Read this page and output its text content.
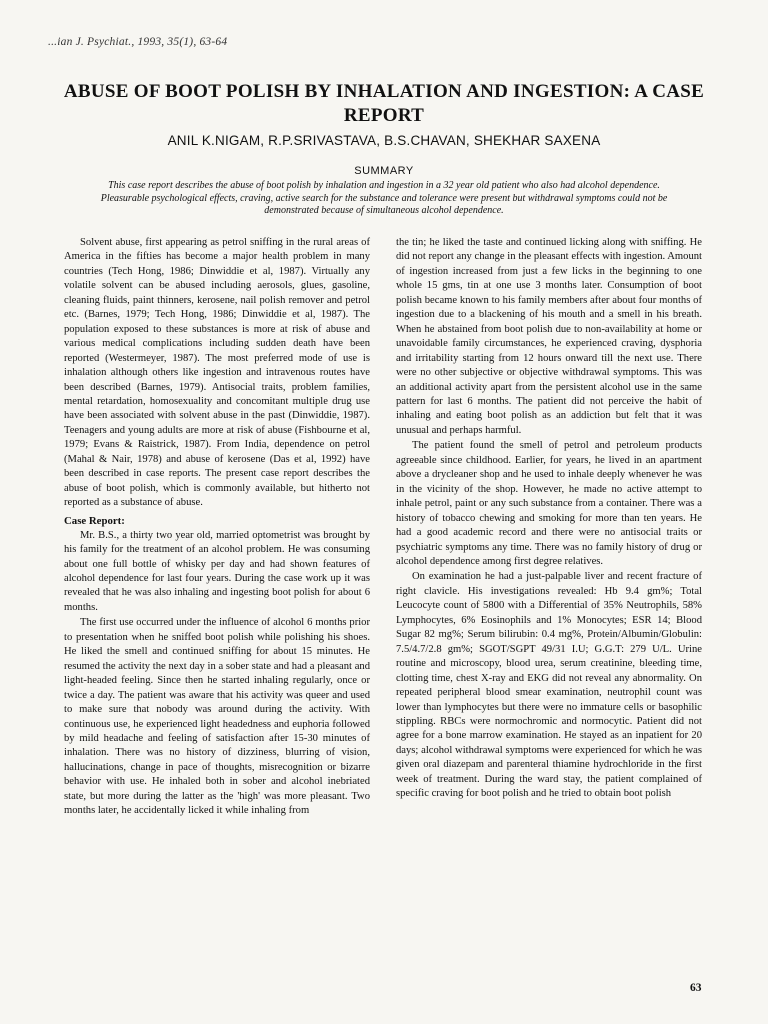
...ian J. Psychiat., 1993, 35(1), 63-64
ABUSE OF BOOT POLISH BY INHALATION AND INGESTION: A CASE REPORT
ANIL K.NIGAM, R.P.SRIVASTAVA, B.S.CHAVAN, SHEKHAR SAXENA
SUMMARY
This case report describes the abuse of boot polish by inhalation and ingestion in a 32 year old patient who also had alcohol dependence. Pleasurable psychological effects, craving, active search for the substance and tolerance were present but withdrawal symptoms could not be demonstrated because of simultaneous alcohol dependence.

Solvent abuse, first appearing as petrol sniffing in the rural areas of America in the fifties has become a major health problem in many countries (Tech Hong, 1986; Dinwiddie et al, 1987). Virtually any volatile solvent can be abused including aerosols, glues, gasoline, cleaning fluids, paint thinners, kerosene, nail polish remover and petrol etc. (Barnes, 1979; Tech Hong, 1986; Dinwiddie et al, 1987). The population exposed to these substances is more at risk of abuse and various medical complications including sudden death have been reported (Westermeyer, 1987). The most preferred mode of use is inhalation although others like ingestion and intravenous routes have been described (Barnes, 1979). Antisocial traits, problem families, mental retardation, homosexuality and concomitant multiple drug use have been associated with solvent abuse in the past (Dinwiddie, 1987). Teenagers and young adults are more at risk of abuse (Fishbourne et al, 1979; Evans & Raistrick, 1987). From India, dependence on petrol (Mahal & Nair, 1978) and abuse of kerosene (Das et al, 1992) have been described in case reports. The present case report describes the abuse of boot polish, which is commonly available, but hitherto not reported as a substance of abuse.

Case Report:

Mr. B.S., a thirty two year old, married optometrist was brought by his family for the treatment of an alcohol problem. He was consuming about one full bottle of whisky per day and had shown features of alcohol dependence for last four years. During the case work up it was revealed that he was also inhaling and ingesting boot polish for about 6 months.

The first use occurred under the influence of alcohol 6 months prior to presentation when he sniffed boot polish while polishing his shoes. He liked the smell and continued sniffing for about 15 minutes. He resumed the activity the next day in a sober state and had a pleasant and light-headed feeling. Since then he started inhaling regularly, once or twice a day. The patient was aware that his activity was queer and used to make sure that nobody was around during the activity. With continuous use, he experienced light headedness and euphoria followed by mild headache and feeling of satisfaction after 15-30 minutes of inhalation. There was no history of dizziness, blurring of vision, hallucinations, change in pace of thoughts, misrecognition or bizarre behavior with use. He inhaled both in sober and alcohol inebriated state, but more during the latter as the 'high' was more pleasant. Two months later, he accidentally licked it while inhaling from

the tin; he liked the taste and continued licking along with sniffing. He did not report any change in the pleasant effects with ingestion. Amount of ingestion increased from just a few licks in the beginning to one whole 15 gms, tin at one use 3 months later. Consumption of boot polish became known to his family members after about four months of ingestion due to a blackening of his mouth and a smell in his breath. When he abstained from boot polish due to non-availability at home or unavoidable family circumstances, he experienced craving, dysphoria and irritability starting from 12 hours onward till the next use. There were no other subjective or objective withdrawal symptoms. This was an additional activity apart from the persistent alcohol use in the same pattern for last 6 months. The patient did not perceive the habit of inhaling and eating boot polish as an addiction but felt that it was unusual and perhaps harmful.

The patient found the smell of petrol and petroleum products agreeable since childhood. Earlier, for years, he lived in an apartment above a drycleaner shop and he used to inhale deeply whenever he was in the vicinity of the shop. However, he made no active attempt to inhale petrol, paint or any such substance from a container. There was a history of tobacco chewing and smoking for more than ten years. He had a good academic record and there were no antisocial traits or psychiatric symptoms any time. There was no family history of drug or alcohol dependence among first degree relatives.

On examination he had a just-palpable liver and recent fracture of right clavicle. His investigations revealed: Hb 9.4 gm%; Total Leucocyte count of 5800 with a Differential of 35% Neutrophils, 58% Lymphocytes, 6% Eosinophils and 1% Monocytes; ESR 14; Blood Sugar 82 mg%; Serum bilirubin: 0.4 mg%, Protein/Albumin/Globulin: 7.5/4.7/2.8 gm%; SGOT/SGPT 49/31 I.U; G.G.T: 279 U/L. Urine routine and microscopy, blood urea, serum creatinine, bleeding time, clotting time, chest X-ray and EKG did not reveal any abnormality. On repeated peripheral blood smear examination, neutrophil count was lower than lymphocytes but there were no immature cells or basophilic stippling. RBCs were normochromic and normocytic. Patient did not agree for a bone marrow examination. He stayed as an inpatient for 20 days; alcohol withdrawal symptoms were experienced for which he was given oral diazepam and parenteral thiamine hydrochloride in the first week of treatment. During the ward stay, the patient complained of specific craving for boot polish and he tried to obtain boot polish

63
